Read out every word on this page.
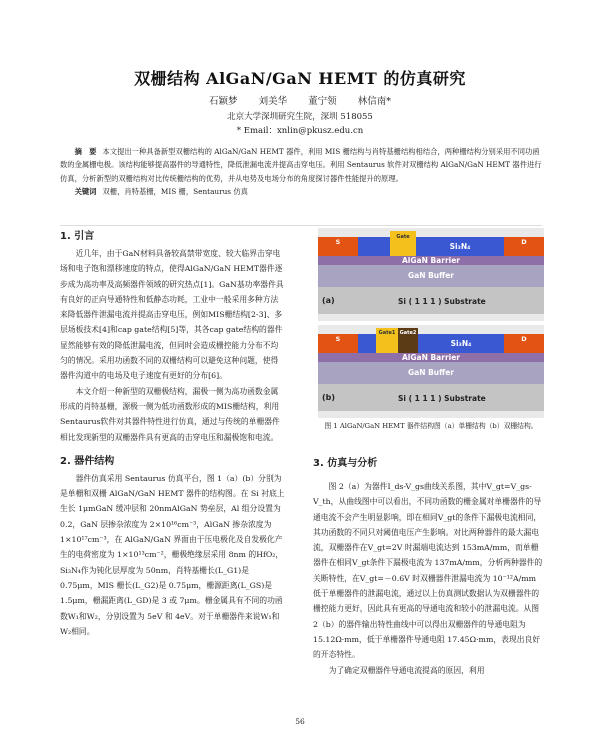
双栅结构 AlGaN/GaN HEMT 的仿真研究
石颖梦 刘美华 董宁领 林信南*
北京大学深圳研究生院，深圳 518055
* Email：xnlin@pkusz.edu.cn

摘　要 本文提出一种具备新型双栅结构的 AlGaN/GaN HEMT 器件，利用 MIS 栅结构与肖特基栅结构相结合，两种栅结构分别采用不同功函数的金属栅电极。该结构能够提高器件的导通特性，降低泄漏电流并提高击穿电压。利用 Sentaurus 软件对双栅结构 AlGaN/GaN HEMT 器件进行仿真，分析新型的双栅结构对比传统栅结构的优势，并从电势及电场分布的角度探讨器件性能提升的原理。

关键词 双栅，肖特基栅，MIS 栅，Sentaurus 仿真

1. 引言

近几年，由于GaN材料具备较高禁带宽度、较大临界击穿电场和电子饱和漂移速度的特点，使得AlGaN/GaN HEMT器件逐步成为高功率及高频器件领域的研究热点[1]。GaN基功率器件具有良好的正向导通特性和低静态功耗，工业中一般采用多种方法来降低器件泄漏电流并提高击穿电压，例如MIS栅结构[2-3]、多层场板技术[4]和cap gate结构[5]等，其各cap gate结构的器件显然能够有效的降低泄漏电流，但同时会造成栅控能力分布不均匀的情况。采用功函数不同的双栅结构可以避免这种问题，使得器件沟道中的电场及电子速度有更好的分布[6]。

本文介绍一种新型的双栅极结构，漏极一侧为高功函数金属形成的肖特基栅，源极一侧为低功函数形成的MIS栅结构，利用Sentaurus软件对其器件特性进行仿真，通过与传统的单栅器件相比发现新型的双栅器件具有更高的击穿电压和漏极饱和电流。

2. 器件结构

器件仿真采用 Sentaurus 仿真平台，图 1（a）(b）分别为是单栅和双栅 AlGaN/GaN HEMT 器件的结构图。在 Si 衬底上生长 1μmGaN 缓冲层和 20nmAlGaN 势垒层，Al 组分设置为 0.2，GaN 层掺杂浓度为 2×10¹⁶cm⁻³，AlGaN 掺杂浓度为 1×10¹⁷cm⁻³，在 AlGaN/GaN 界面由于压电极化及自发极化产生的电荷密度为 1×10¹³cm⁻²，栅极绝缘层采用 8nm 的HfO₂，Si₃N₄作为钝化层厚度为 50nm，肖特基栅长(L_G1)是 0.75μm，MIS 栅长(L_G2)是 0.75μm，栅源距离(L_GS)是 1.5μm，栅漏距离(L_GD)是 3 或 7μm。栅金属具有不同的功函数W₁和W₂，分别设置为 5eV 和 4eV。对于单栅器件来说W₁和W₂相同。

S
Gate
Si₃N₄	D
AlGaN Barrier
GaN Buffer
(a)	Si ( 1 1 1 ) Substrate
S
Gate1 Gate2
Si₃N₄	D
AlGaN Barrier
GaN Buffer
(b)	Si ( 1 1 1 ) Substrate
图 1 AlGaN/GaN HEMT 器件结构图（a）单栅结构（b）双栅结构。

3. 仿真与分析

图 2（a）为器件I_ds-V_gs曲线关系图，其中V_gt=V_gs-V_th，从曲线图中可以看出，不同功函数的栅金属对单栅器件的导通电流不会产生明显影响，即在相同V_gt的条件下漏极电流相同，其功函数的不同只对阈值电压产生影响。对比两种器件的最大漏电流，双栅器件在V_gt=2V 时漏端电流达到 153mA/mm，而单栅器件在相同V_gt条件下漏极电流为 137mA/mm，分析两种器件的关断特性，在V_gt=－0.6V 时双栅器件泄漏电流为 10⁻¹²A/mm低于单栅器件的泄漏电流，通过以上仿真测试数据认为双栅器件的栅控能力更好，因此具有更高的导通电流和较小的泄漏电流。从图 2（b）的器件输出特性曲线中可以得出双栅器件的导通电阻为 15.12Ω·mm，低于单栅器件导通电阻 17.45Ω·mm，表现出良好的开态特性。

为了确定双栅器件导通电流提高的原因，利用

56
